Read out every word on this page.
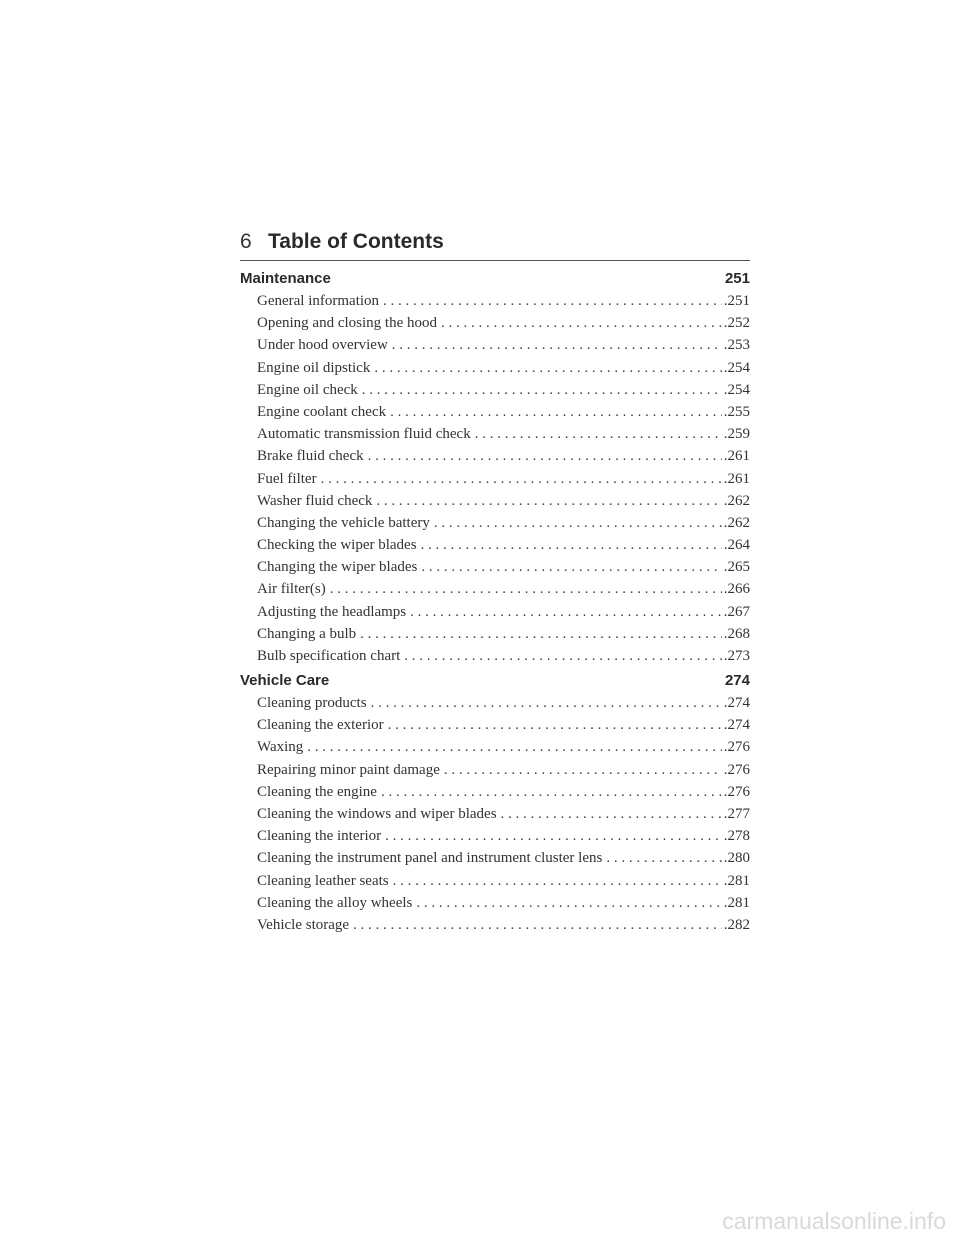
6 Table of Contents
Maintenance	251
General information . . .	.251
Opening and closing the hood . . .	.252
Under hood overview . . .	.253
Engine oil dipstick . . .	.254
Engine oil check . . .	.254
Engine coolant check . . .	.255
Automatic transmission fluid check . . .	.259
Brake fluid check . . .	.261
Fuel filter . . .	.261
Washer fluid check . . .	.262
Changing the vehicle battery . . .	.262
Checking the wiper blades . . .	.264
Changing the wiper blades . . .	.265
Air filter(s) . . .	.266
Adjusting the headlamps . . .	.267
Changing a bulb . . .	.268
Bulb specification chart . . .	.273
Vehicle Care	274
Cleaning products . . .	.274
Cleaning the exterior . . .	.274
Waxing . . .	.276
Repairing minor paint damage . . .	.276
Cleaning the engine . . .	.276
Cleaning the windows and wiper blades . . .	.277
Cleaning the interior . . .	.278
Cleaning the instrument panel and instrument cluster lens . . .	.280
Cleaning leather seats . . .	.281
Cleaning the alloy wheels . . .	.281
Vehicle storage . . .	.282
carmanualsonline.info
